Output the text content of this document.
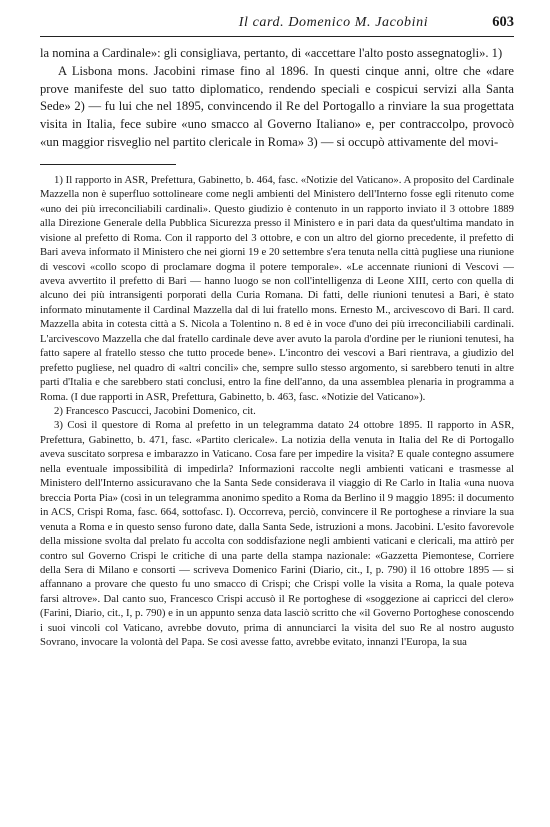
Il card. Domenico M. Jacobini	603

la nomina a Cardinale»: gli consigliava, pertanto, di «accettare l'alto posto assegnatogli». 1)

A Lisbona mons. Jacobini rimase fino al 1896. In questi cinque anni, oltre che «dare prove manifeste del suo tatto diplomatico, rendendo speciali e cospicui servizi alla Santa Sede» 2) — fu lui che nel 1895, convincendo il Re del Portogallo a rinviare la sua progettata visita in Italia, fece subire «uno smacco al Governo Italiano» e, per contraccolpo, provocò «un maggior risveglio nel partito clericale in Roma» 3) — si occupò attivamente del movi-

1) Il rapporto in ASR, Prefettura, Gabinetto, b. 464, fasc. «Notizie del Vaticano». A proposito del Cardinale Mazzella non è superfluo sottolineare come negli ambienti del Ministero dell'Interno fosse egli ritenuto come «uno dei più irreconciliabili cardinali». Questo giudizio è contenuto in un rapporto inviato il 3 ottobre 1889 alla Direzione Generale della Pubblica Sicurezza presso il Ministero e in pari data da quest'ultima mandato in visione al prefetto di Roma. Con il rapporto del 3 ottobre, e con un altro del giorno precedente, il prefetto di Bari aveva informato il Ministero che nei giorni 19 e 20 settembre s'era tenuta nella città pugliese una riunione di vescovi «collo scopo di proclamare dogma il potere temporale». «Le accennate riunioni di Vescovi — aveva avvertito il prefetto di Bari — hanno luogo se non coll'intelligenza di Leone XIII, certo con quella di alcuno dei più intransigenti porporati della Curia Romana. Di fatti, delle riunioni tenutesi a Bari, è stato informato minutamente il Cardinal Mazzella dal di lui fratello mons. Ernesto M., arcivescovo di Bari. Il card. Mazzella abita in cotesta città a S. Nicola a Tolentino n. 8 ed è in voce d'uno dei più irreconciliabili cardinali. L'arcivescovo Mazzella che dal fratello cardinale deve aver avuto la parola d'ordine per le riunioni tenutesi, ha fatto sapere al fratello stesso che tutto procede bene». L'incontro dei vescovi a Bari rientrava, a giudizio del prefetto pugliese, nel quadro di «altri concili» che, sempre sullo stesso argomento, si sarebbero tenuti in altre parti d'Italia e che sarebbero stati conclusi, entro la fine dell'anno, da una assemblea plenaria in programma a Roma. (I due rapporti in ASR, Prefettura, Gabinetto, b. 463, fasc. «Notizie del Vaticano»).

2) Francesco Pascucci, Jacobini Domenico, cit.

3) Così il questore di Roma al prefetto in un telegramma datato 24 ottobre 1895. Il rapporto in ASR, Prefettura, Gabinetto, b. 471, fasc. «Partito clericale». La notizia della venuta in Italia del Re di Portogallo aveva suscitato sorpresa e imbarazzo in Vaticano. Cosa fare per impedire la visita? E quale contegno assumere nella eventuale impossibilità di impedirla? Informazioni raccolte negli ambienti vaticani e trasmesse al Ministero dell'Interno assicuravano che la Santa Sede considerava il viaggio di Re Carlo in Italia «una nuova breccia Porta Pia» (così in un telegramma anonimo spedito a Roma da Berlino il 9 maggio 1895: il documento in ACS, Crispi Roma, fasc. 664, sottofasc. I). Occorreva, perciò, convincere il Re portoghese a rinviare la sua venuta a Roma e in questo senso furono date, dalla Santa Sede, istruzioni a mons. Jacobini. L'esito favorevole della missione svolta dal prelato fu accolta con soddisfazione negli ambienti vaticani e clericali, ma attirò per contro sul Governo Crispi le critiche di una parte della stampa nazionale: «Gazzetta Piemontese, Corriere della Sera di Milano e consorti — scriveva Domenico Farini (Diario, cit., I, p. 790) il 16 ottobre 1895 — si affannano a provare che questo fu uno smacco di Crispi; che Crispi volle la visita a Roma, la quale poteva farsi altrove». Dal canto suo, Francesco Crispi accusò il Re portoghese di «soggezione ai capricci del clero» (Farini, Diario, cit., I, p. 790) e in un appunto senza data lasciò scritto che «il Governo Portoghese conoscendo i suoi vincoli col Vaticano, avrebbe dovuto, prima di annunciarci la visita del suo Re al nostro augusto Sovrano, invocare la volontà del Papa. Se così avesse fatto, avrebbe evitato, innanzi l'Europa, la sua
